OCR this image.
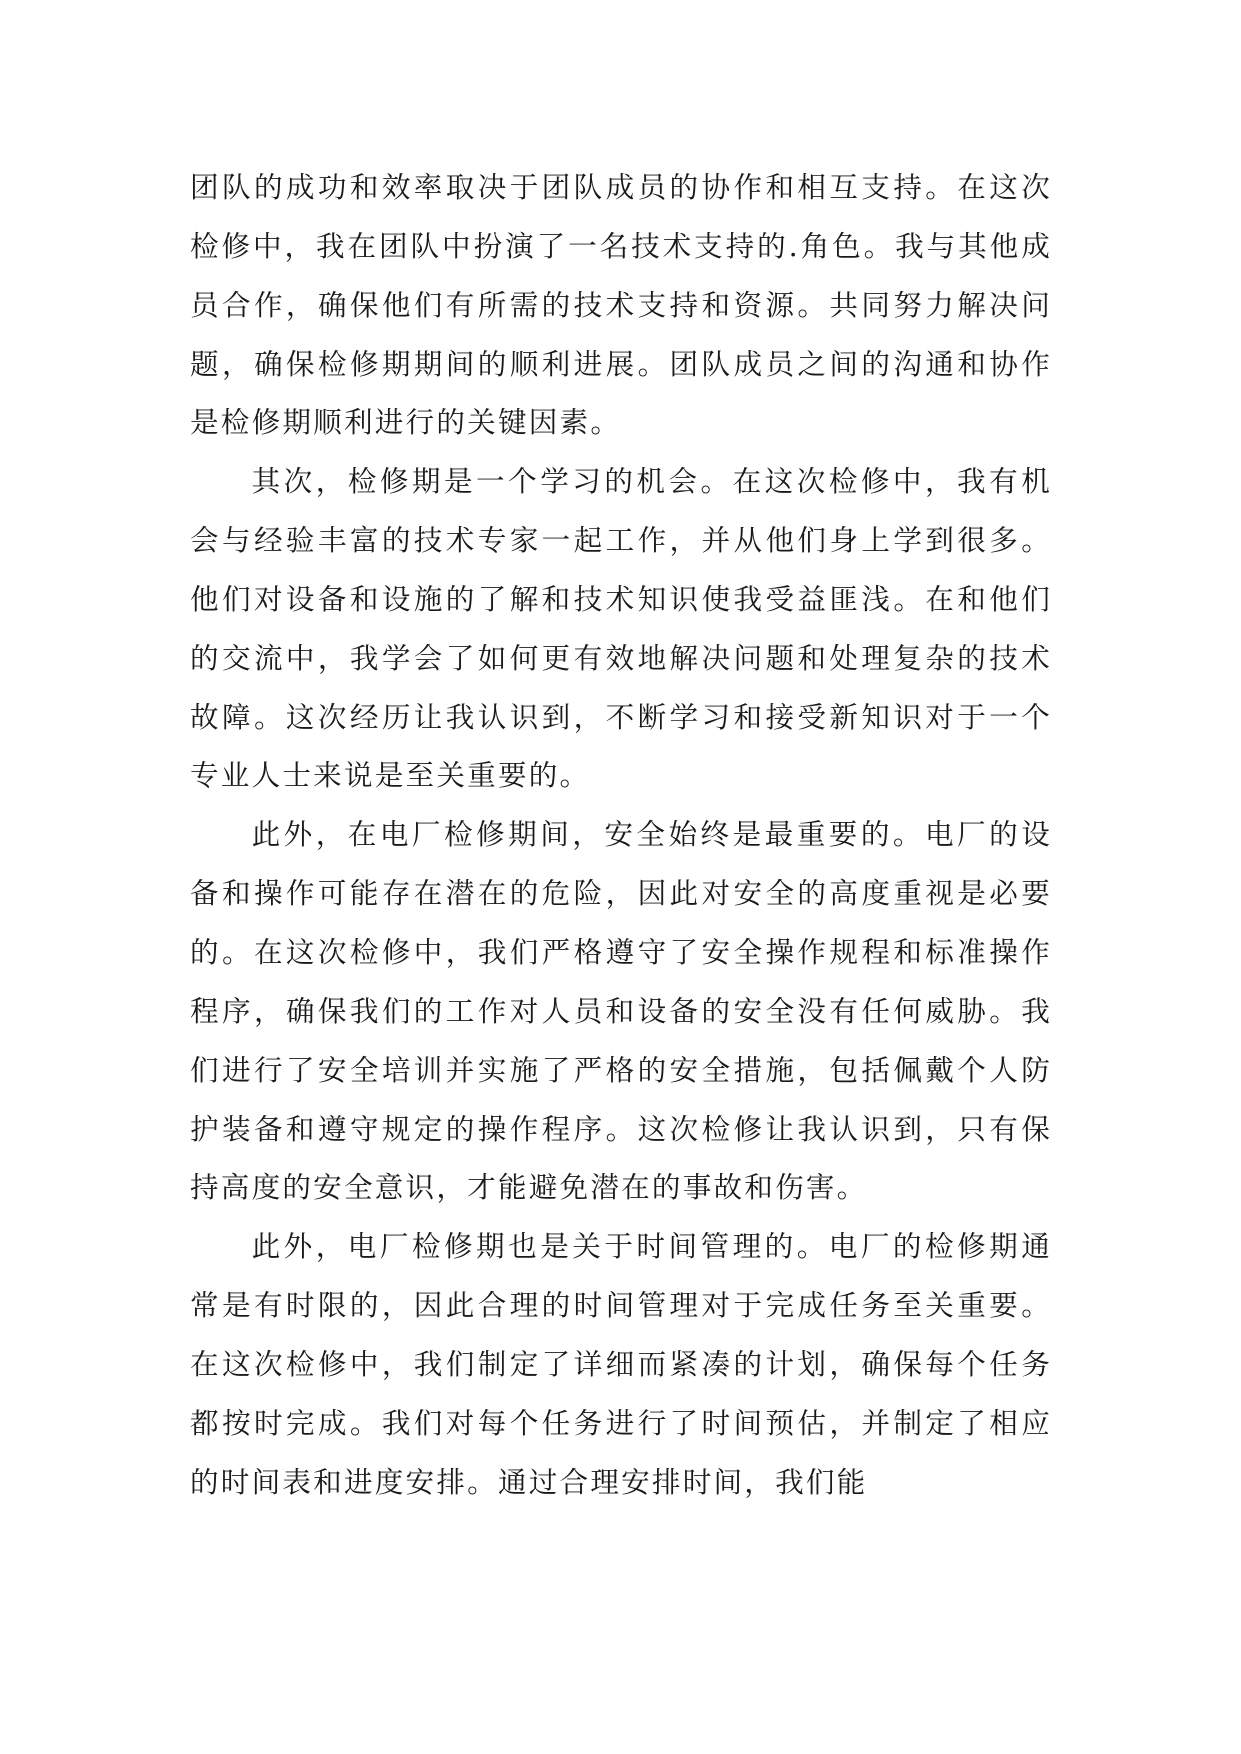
团队的成功和效率取决于团队成员的协作和相互支持。在这次检修中，我在团队中扮演了一名技术支持的.角色。我与其他成员合作，确保他们有所需的技术支持和资源。共同努力解决问题，确保检修期期间的顺利进展。团队成员之间的沟通和协作是检修期顺利进行的关键因素。

其次，检修期是一个学习的机会。在这次检修中，我有机会与经验丰富的技术专家一起工作，并从他们身上学到很多。他们对设备和设施的了解和技术知识使我受益匪浅。在和他们的交流中，我学会了如何更有效地解决问题和处理复杂的技术故障。这次经历让我认识到，不断学习和接受新知识对于一个专业人士来说是至关重要的。

此外，在电厂检修期间，安全始终是最重要的。电厂的设备和操作可能存在潜在的危险，因此对安全的高度重视是必要的。在这次检修中，我们严格遵守了安全操作规程和标准操作程序，确保我们的工作对人员和设备的安全没有任何威胁。我们进行了安全培训并实施了严格的安全措施，包括佩戴个人防护装备和遵守规定的操作程序。这次检修让我认识到，只有保持高度的安全意识，才能避免潜在的事故和伤害。

此外，电厂检修期也是关于时间管理的。电厂的检修期通常是有时限的，因此合理的时间管理对于完成任务至关重要。在这次检修中，我们制定了详细而紧凑的计划，确保每个任务都按时完成。我们对每个任务进行了时间预估，并制定了相应的时间表和进度安排。通过合理安排时间，我们能
